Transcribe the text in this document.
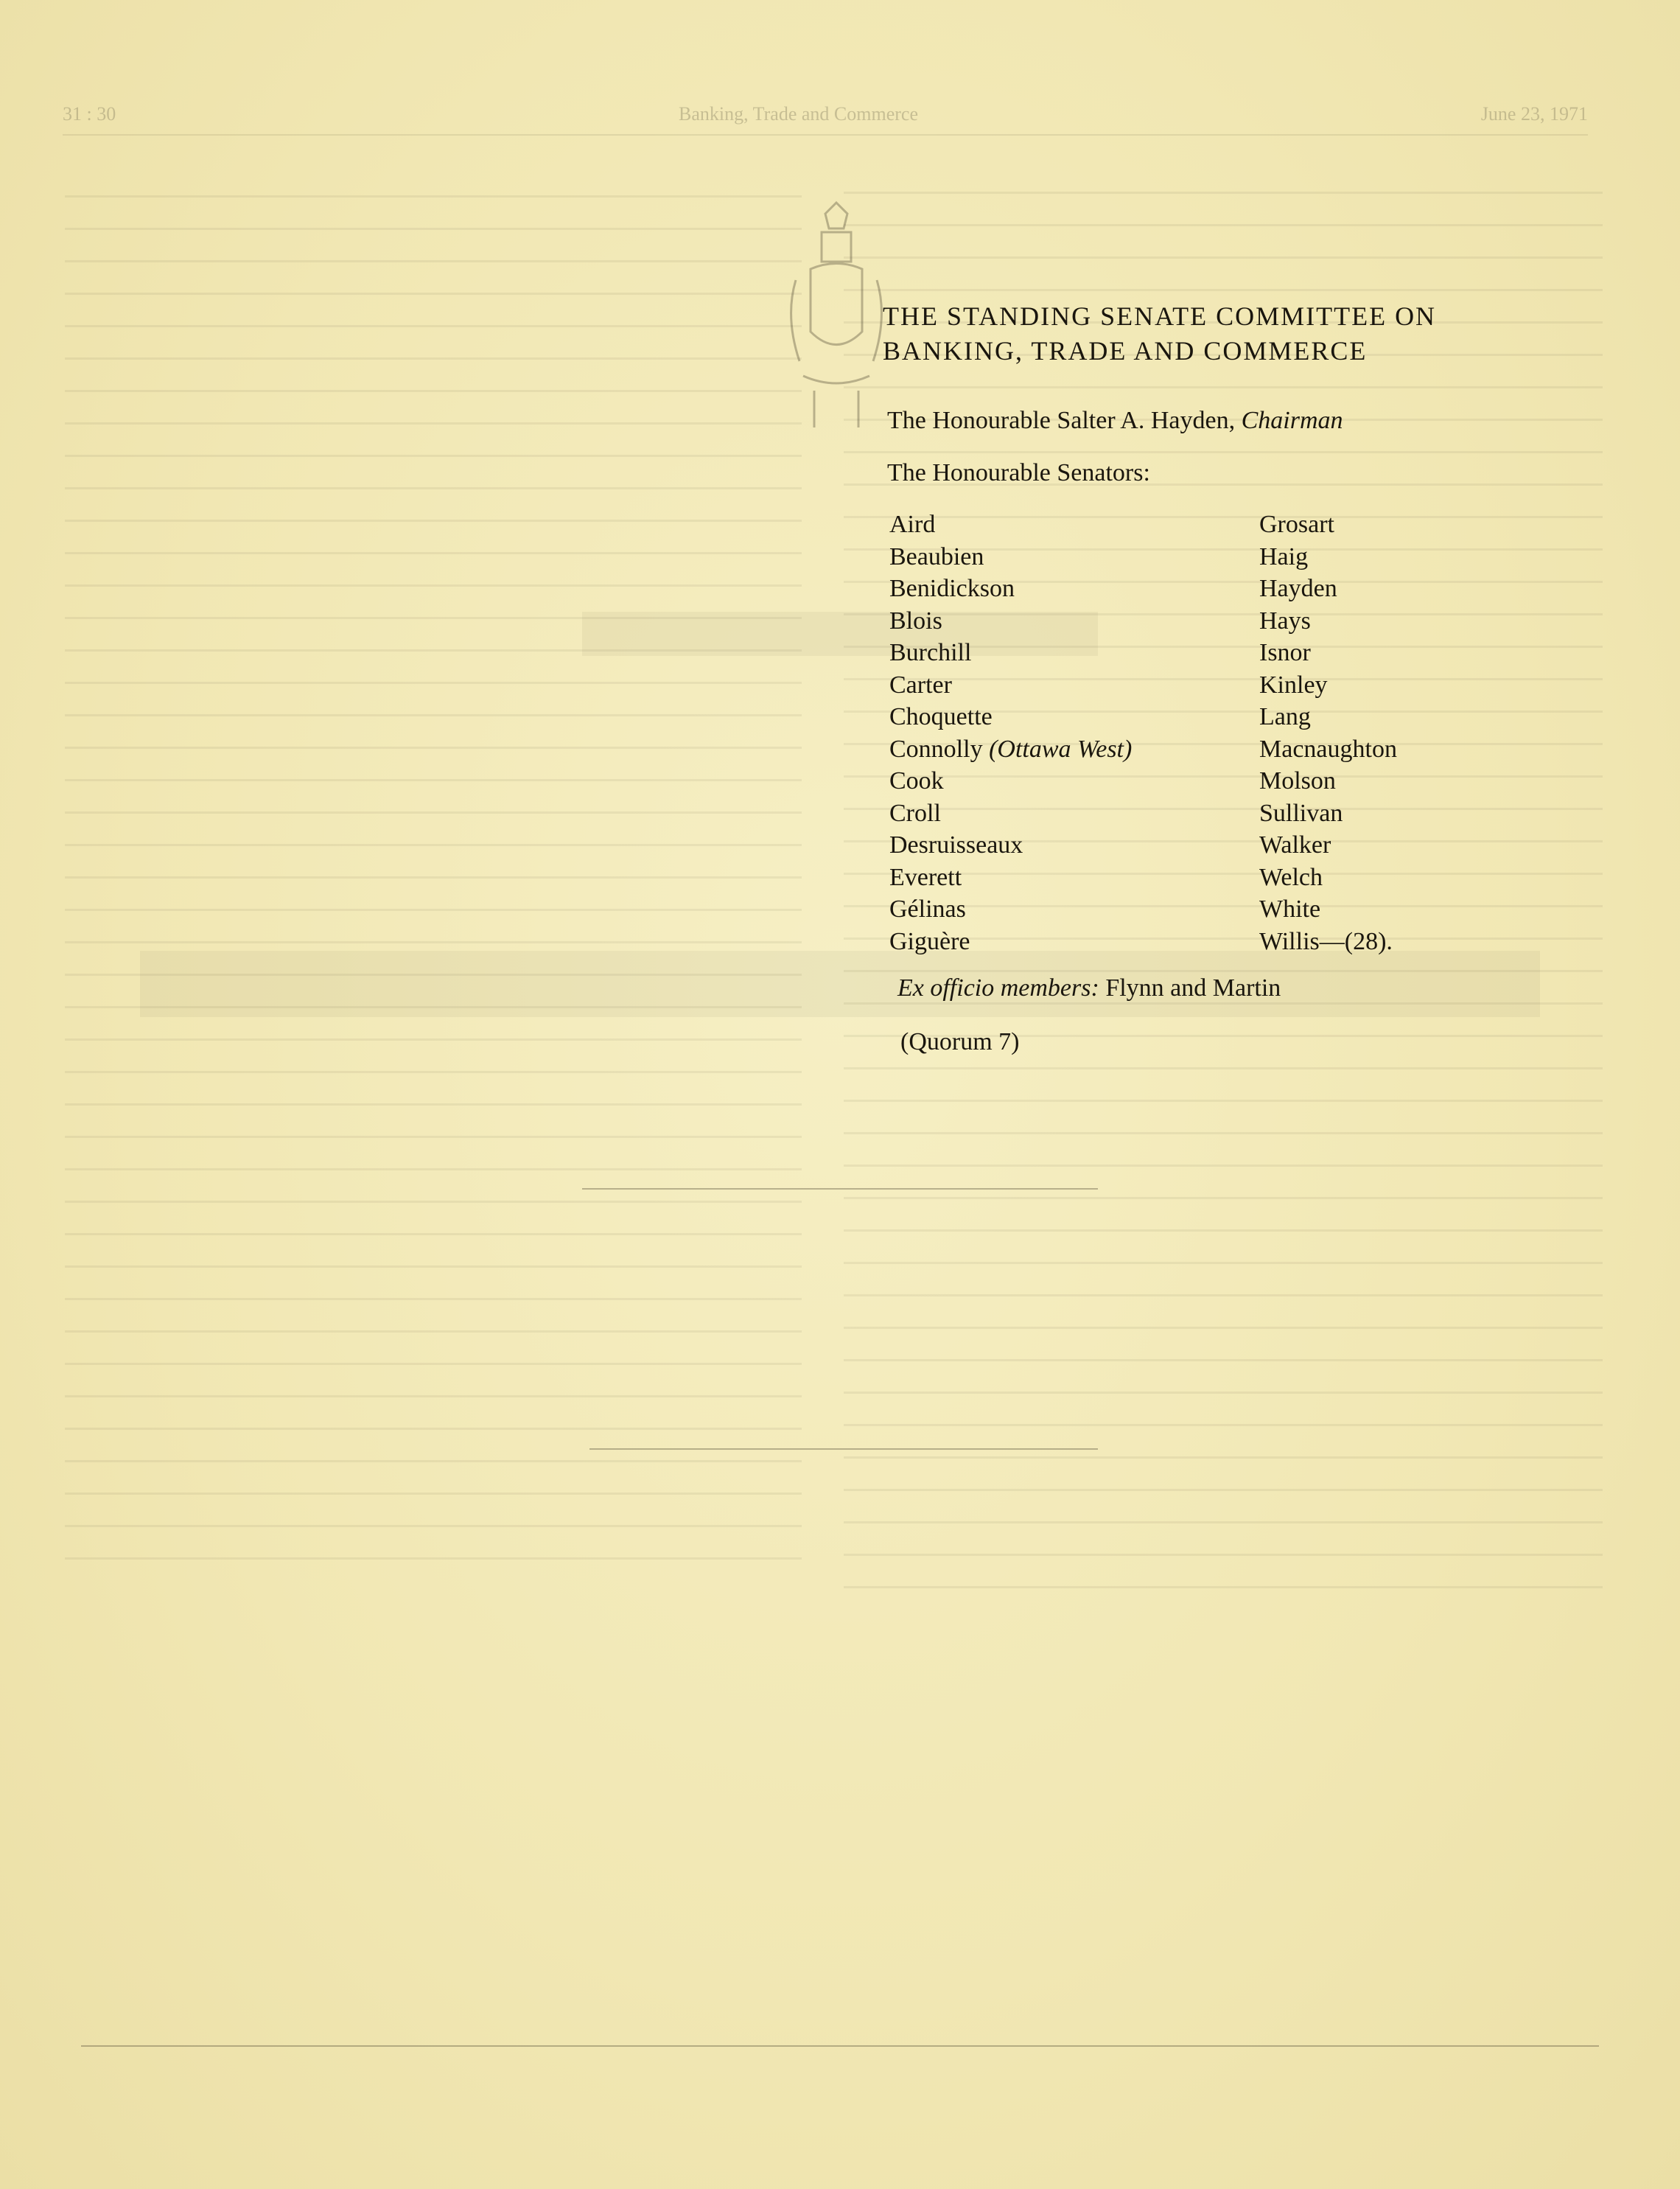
31 : 30	Banking, Trade and Commerce	June 23, 1971
THE STANDING SENATE COMMITTEE ON
BANKING, TRADE AND COMMERCE
The Honourable Salter A. Hayden, Chairman
The Honourable Senators:
Aird
Beaubien
Benidickson
Blois
Burchill
Carter
Choquette
Connolly (Ottawa West)
Cook
Croll
Desruisseaux
Everett
Gélinas
Giguère
Grosart
Haig
Hayden
Hays
Isnor
Kinley
Lang
Macnaughton
Molson
Sullivan
Walker
Welch
White
Willis—(28).
Ex officio members: Flynn and Martin
(Quorum 7)
